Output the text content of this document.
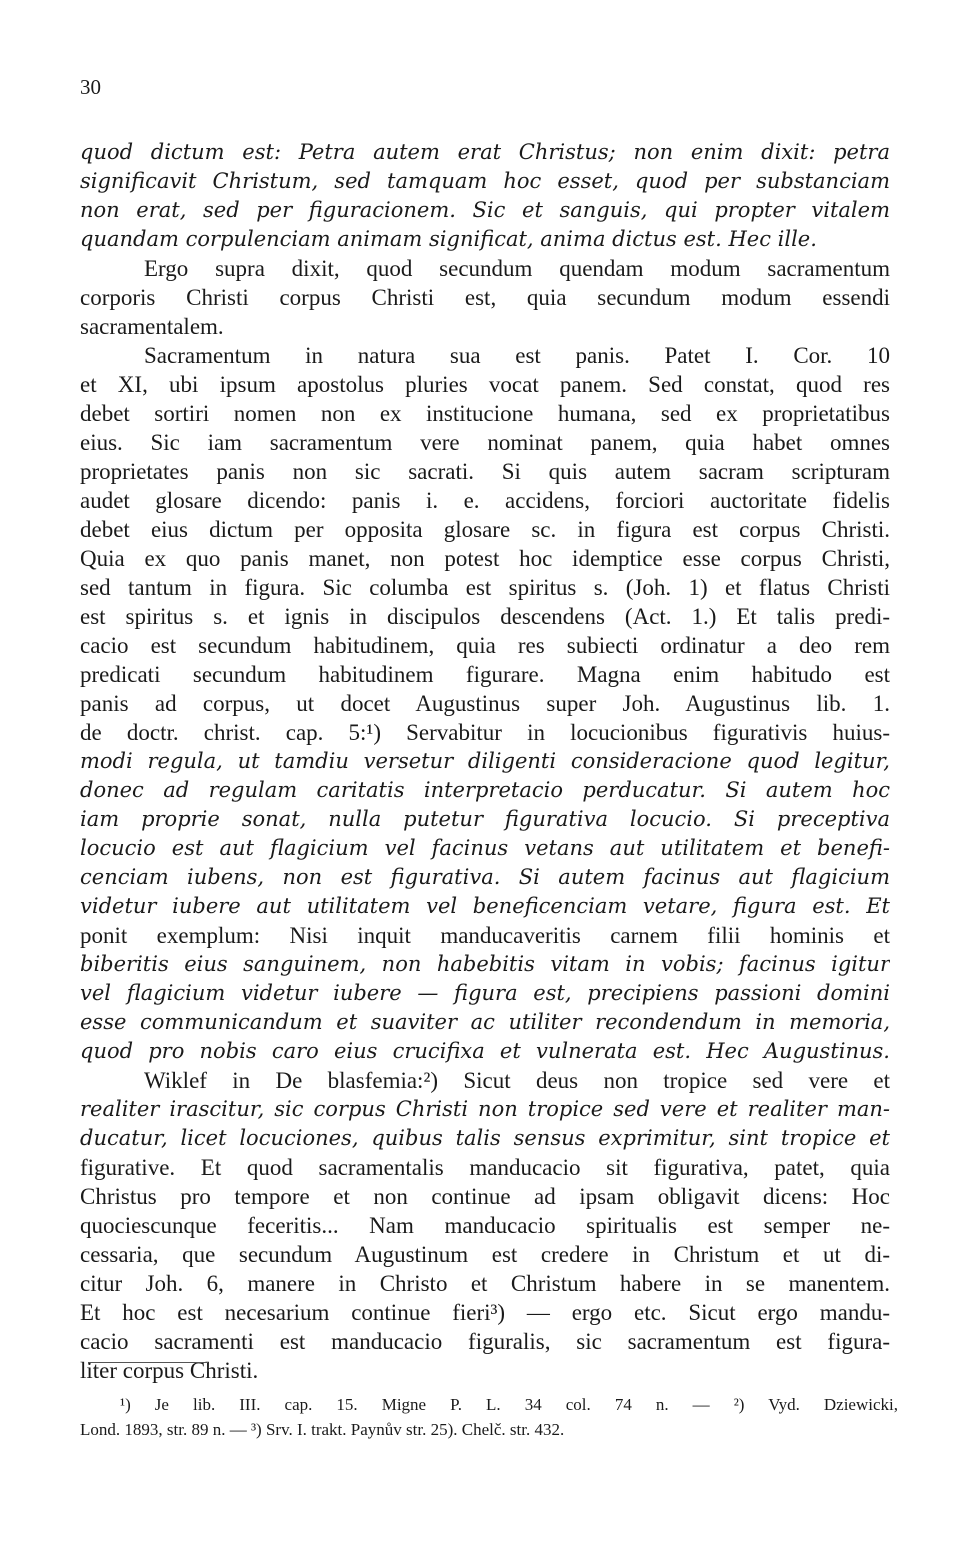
30
quod dictum est: Petra autem erat Christus; non enim dixit: petra
significavit Christum, sed tamquam hoc esset, quod per substanciam
non erat, sed per figuracionem. Sic et sanguis, qui propter vitalem
quandam corpulenciam animam significat, anima dictus est. Hec ille.
Ergo supra dixit, quod secundum quendam modum sacramentum
corporis Christi corpus Christi est, quia secundum modum essendi
sacramentalem.
Sacramentum in natura sua est panis. Patet I. Cor. 10
et XI, ubi ipsum apostolus pluries vocat panem. Sed constat, quod res
debet sortiri nomen non ex institucione humana, sed ex proprietatibus
eius. Sic iam sacramentum vere nominat panem, quia habet omnes
proprietates panis non sic sacrati. Si quis autem sacram scripturam
audet glosare dicendo: panis i. e. accidens, forciori auctoritate fidelis
debet eius dictum per opposita glosare sc. in figura est corpus Christi.
Quia ex quo panis manet, non potest hoc idemptice esse corpus Christi,
sed tantum in figura. Sic columba est spiritus s. (Joh. 1) et flatus Christi
est spiritus s. et ignis in discipulos descendens (Act. 1.) Et talis predi-
cacio est secundum habitudinem, quia res subiecti ordinatur a deo rem
predicati secundum habitudinem figurare. Magna enim habitudo est
panis ad corpus, ut docet Augustinus super Joh. Augustinus lib. 1.
de doctr. christ. cap. 5:¹) Servabitur in locucionibus figurativis huius-
modi regula, ut tamdiu versetur diligenti consideracione quod legitur,
donec ad regulam caritatis interpretacio perducatur. Si autem hoc
iam proprie sonat, nulla putetur figurativa locucio. Si preceptiva
locucio est aut flagicium vel facinus vetans aut utilitatem et benefi-
cenciam iubens, non est figurativa. Si autem facinus aut flagicium
videtur iubere aut utilitatem vel beneficenciam vetare, figura est. Et
ponit exemplum: Nisi inquit manducaveritis carnem filii hominis et
biberitis eius sanguinem, non habebitis vitam in vobis; facinus igitur
vel flagicium videtur iubere — figura est, precipiens passioni domini
esse communicandum et suaviter ac utiliter recondendum in memoria,
quod pro nobis caro eius crucifixa et vulnerata est. Hec Augustinus.
Wiklef in De blasfemia:²) Sicut deus non tropice sed vere et
realiter irascitur, sic corpus Christi non tropice sed vere et realiter man-
ducatur, licet locuciones, quibus talis sensus exprimitur, sint tropice et
figurative. Et quod sacramentalis manducacio sit figurativa, patet, quia
Christus pro tempore et non continue ad ipsam obligavit dicens: Hoc
quociescunque feceritis... Nam manducacio spiritualis est semper ne-
cessaria, que secundum Augustinum est credere in Christum et ut di-
citur Joh. 6, manere in Christo et Christum habere in se manentem.
Et hoc est necesarium continue fieri³) — ergo etc. Sicut ergo mandu-
cacio sacramenti est manducacio figuralis, sic sacramentum est figura-
liter corpus Christi.
¹) Je lib. III. cap. 15. Migne P. L. 34 col. 74 n. — ²) Vyd. Dziewicki,
Lond. 1893, str. 89 n. — ³) Srv. I. trakt. Paynův str. 25). Chelč. str. 432.
